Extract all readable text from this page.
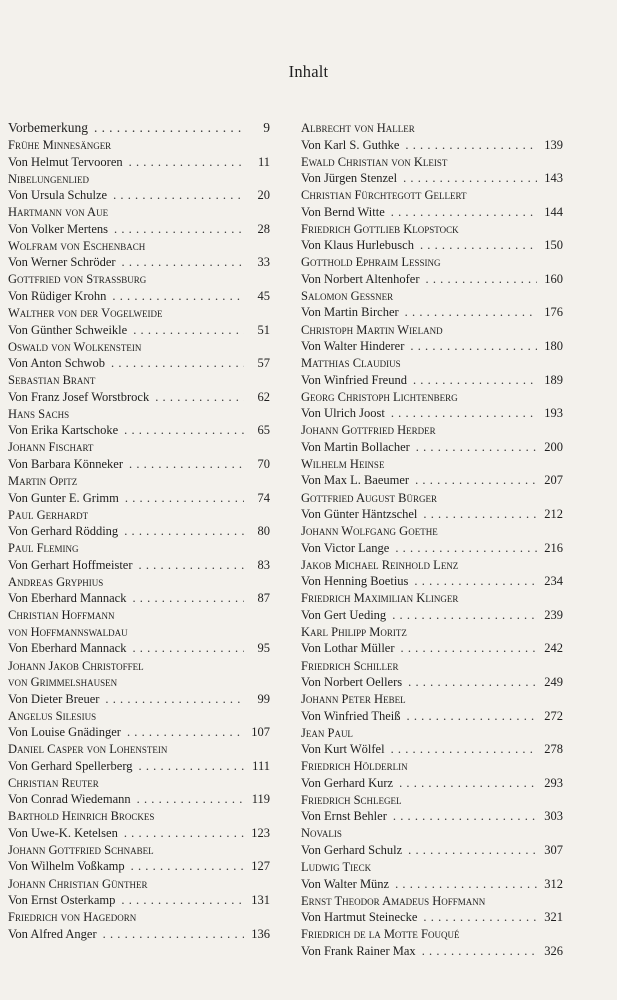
Inhalt
Vorbemerkung .....	9
Frühe Minnesänger
Von Helmut Tervooren .....	11
Nibelungenlied
Von Ursula Schulze .....	20
Hartmann von Aue
Von Volker Mertens .....	28
Wolfram von Eschenbach
Von Werner Schröder .....	33
Gottfried von Strassburg
Von Rüdiger Krohn .....	45
Walther von der Vogelweide
Von Günther Schweikle .....	51
Oswald von Wolkenstein
Von Anton Schwob .....	57
Sebastian Brant
Von Franz Josef Worstbrock .....	62
Hans Sachs
Von Erika Kartschoke .....	65
Johann Fischart
Von Barbara Könneker .....	70
Martin Opitz
Von Gunter E. Grimm .....	74
Paul Gerhardt
Von Gerhard Rödding .....	80
Paul Fleming
Von Gerhart Hoffmeister .....	83
Andreas Gryphius
Von Eberhard Mannack .....	87
Christian Hoffmann
von Hoffmannswaldau
Von Eberhard Mannack .....	95
Johann Jakob Christoffel
von Grimmelshausen
Von Dieter Breuer .....	99
Angelus Silesius
Von Louise Gnädinger .....	107
Daniel Casper von Lohenstein
Von Gerhard Spellerberg .....	111
Christian Reuter
Von Conrad Wiedemann .....	119
Barthold Heinrich Brockes
Von Uwe-K. Ketelsen .....	123
Johann Gottfried Schnabel
Von Wilhelm Voßkamp .....	127
Johann Christian Günther
Von Ernst Osterkamp .....	131
Friedrich von Hagedorn
Von Alfred Anger .....	136
Albrecht von Haller
Von Karl S. Guthke .....	139
Ewald Christian von Kleist
Von Jürgen Stenzel .....	143
Christian Fürchtegott Gellert
Von Bernd Witte .....	144
Friedrich Gottlieb Klopstock
Von Klaus Hurlebusch .....	150
Gotthold Ephraim Lessing
Von Norbert Altenhofer .....	160
Salomon Gessner
Von Martin Bircher .....	176
Christoph Martin Wieland
Von Walter Hinderer .....	180
Matthias Claudius
Von Winfried Freund .....	189
Georg Christoph Lichtenberg
Von Ulrich Joost .....	193
Johann Gottfried Herder
Von Martin Bollacher .....	200
Wilhelm Heinse
Von Max L. Baeumer .....	207
Gottfried August Bürger
Von Günter Häntzschel .....	212
Johann Wolfgang Goethe
Von Victor Lange .....	216
Jakob Michael Reinhold Lenz
Von Henning Boetius .....	234
Friedrich Maximilian Klinger
Von Gert Ueding .....	239
Karl Philipp Moritz
Von Lothar Müller .....	242
Friedrich Schiller
Von Norbert Oellers .....	249
Johann Peter Hebel
Von Winfried Theiß .....	272
Jean Paul
Von Kurt Wölfel .....	278
Friedrich Hölderlin
Von Gerhard Kurz .....	293
Friedrich Schlegel
Von Ernst Behler .....	303
Novalis
Von Gerhard Schulz .....	307
Ludwig Tieck
Von Walter Münz .....	312
Ernst Theodor Amadeus Hoffmann
Von Hartmut Steinecke .....	321
Friedrich de la Motte Fouqué
Von Frank Rainer Max .....	326
